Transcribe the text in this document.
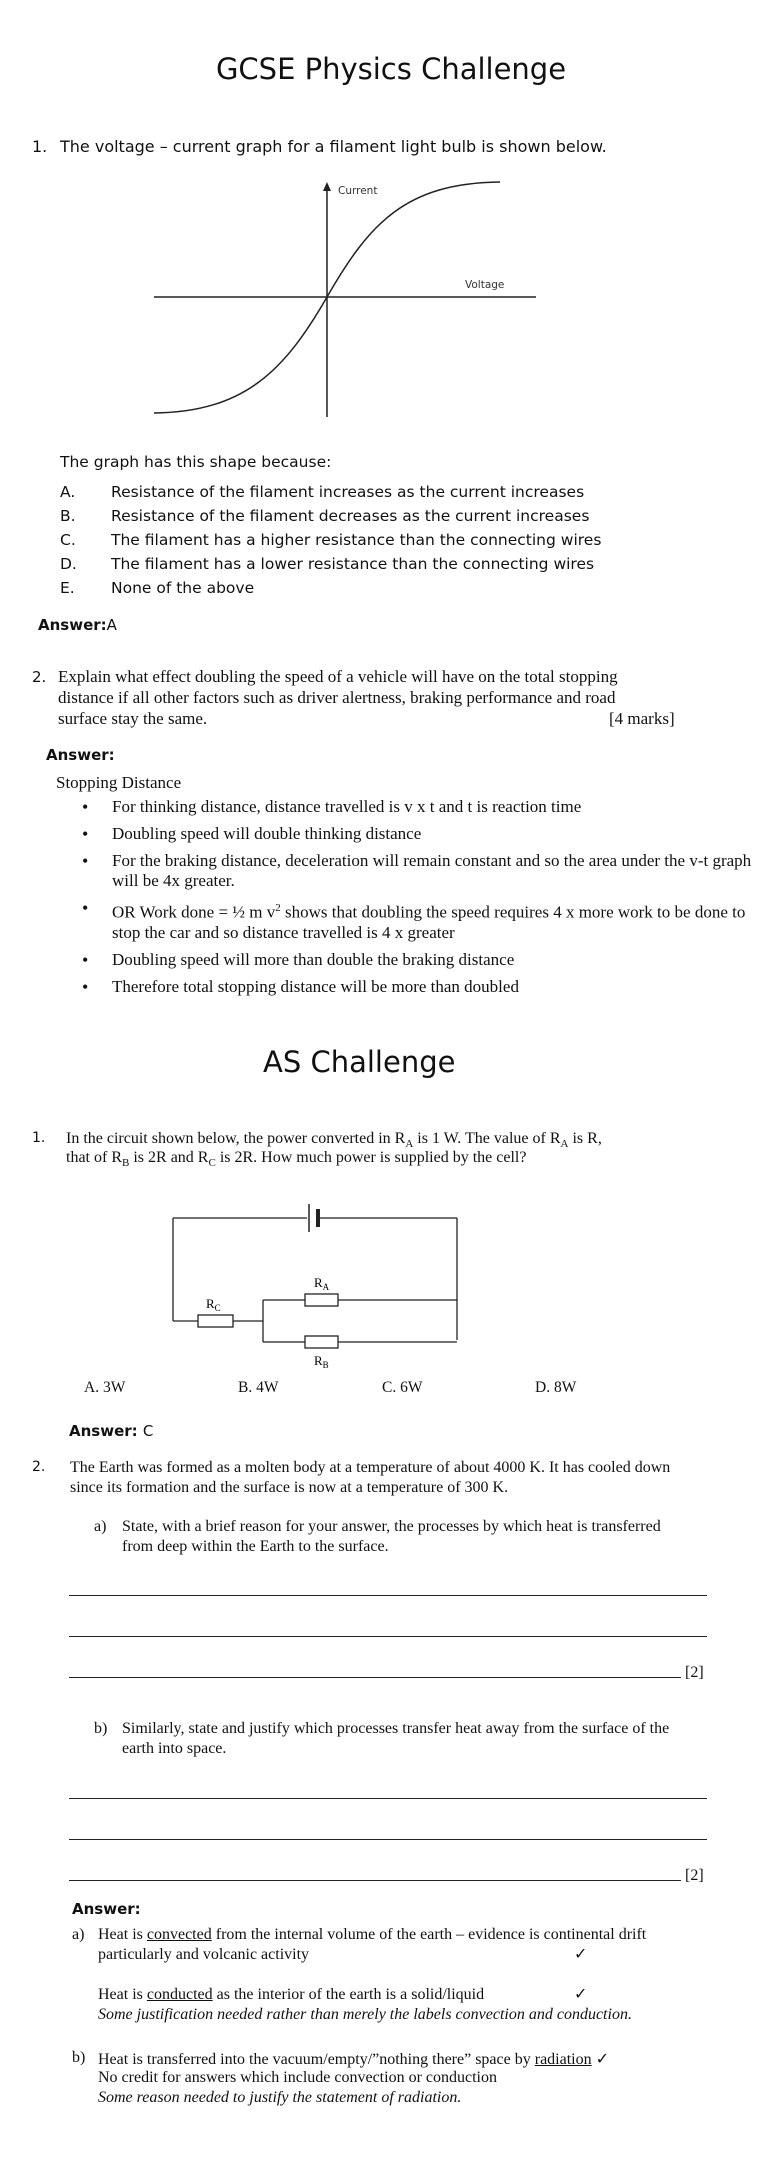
GCSE Physics Challenge
1. The voltage – current graph for a filament light bulb is shown below.
Current
Voltage
The graph has this shape because:
A. Resistance of the filament increases as the current increases
B. Resistance of the filament decreases as the current increases
C. The filament has a higher resistance than the connecting wires
D. The filament has a lower resistance than the connecting wires
E. None of the above
Answer:A
2. Explain what effect doubling the speed of a vehicle will have on the total stopping
distance if all other factors such as driver alertness, braking performance and road
surface stay the same.	[4 marks]
Answer:
Stopping Distance
• For thinking distance, distance travelled is v x t and t is reaction time
• Doubling speed will double thinking distance
• For the braking distance, deceleration will remain constant and so the area under the v-t graph will be 4x greater.
• OR Work done = ½ m $v^2$ shows that doubling the speed requires 4 x more work to be done to stop the car and so distance travelled is 4 x greater
• Doubling speed will more than double the braking distance
• Therefore total stopping distance will be more than doubled
AS Challenge
1. In the circuit shown below, the power converted in $R_A$ is 1 W. The value of $R_A$ is R,
that of $R_B$ is 2R and $R_C$ is 2R. How much power is supplied by the cell?
$R_A$
$R_B$
$R_C$
A. 3W	B. 4W	C. 6W	D. 8W
Answer: C
2. The Earth was formed as a molten body at a temperature of about 4000 K. It has cooled down
since its formation and the surface is now at a temperature of 300 K.
a) State, with a brief reason for your answer, the processes by which heat is transferred
from deep within the Earth to the surface.
[2]
b) Similarly, state and justify which processes transfer heat away from the surface of the
earth into space.
[2]
Answer:
a) Heat is convected from the internal volume of the earth – evidence is continental drift
particularly and volcanic activity	✓
Heat is conducted as the interior of the earth is a solid/liquid	✓
Some justification needed rather than merely the labels convection and conduction.
b) Heat is transferred into the vacuum/empty/”nothing there” space by radiation ✓
No credit for answers which include convection or conduction
Some reason needed to justify the statement of radiation.
